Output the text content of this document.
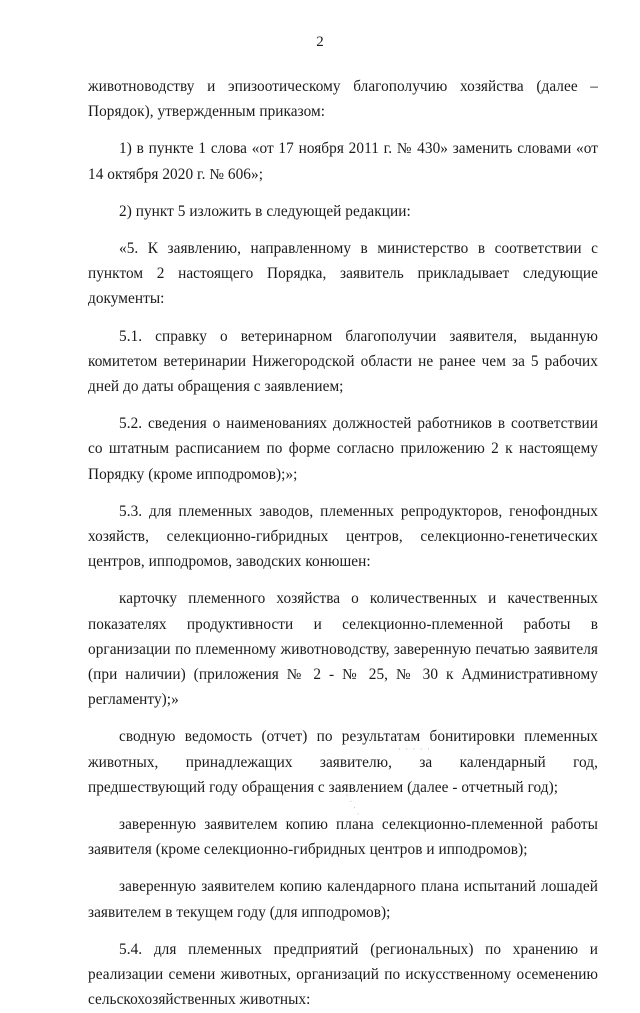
2

животноводству и эпизоотическому благополучию хозяйства (далее – Порядок), утвержденным приказом:

1) в пункте 1 слова «от 17 ноября 2011 г. № 430» заменить словами «от 14 октября 2020 г. № 606»;

2) пункт 5 изложить в следующей редакции:

«5. К заявлению, направленному в министерство в соответствии с пунктом 2 настоящего Порядка, заявитель прикладывает следующие документы:

5.1. справку о ветеринарном благополучии заявителя, выданную комитетом ветеринарии Нижегородской области не ранее чем за 5 рабочих дней до даты обращения с заявлением;

5.2. сведения о наименованиях должностей работников в соответствии со штатным расписанием по форме согласно приложению 2 к настоящему Порядку (кроме ипподромов);»;

5.3. для племенных заводов, племенных репродукторов, генофондных хозяйств, селекционно-гибридных центров, селекционно-генетических центров, ипподромов, заводских конюшен:

карточку племенного хозяйства о количественных и качественных показателях продуктивности и селекционно-племенной работы в организации по племенному животноводству, заверенную печатью заявителя (при наличии) (приложения № 2 - № 25, № 30 к Административному регламенту);»

сводную ведомость (отчет) по результатам бонитировки племенных животных, принадлежащих заявителю, за календарный год, предшествующий году обращения с заявлением (далее - отчетный год);

заверенную заявителем копию плана селекционно-племенной работы заявителя (кроме селекционно-гибридных центров и ипподромов);

заверенную заявителем копию календарного плана испытаний лошадей заявителем в текущем году (для ипподромов);

5.4. для племенных предприятий (региональных) по хранению и реализации семени животных, организаций по искусственному осеменению сельскохозяйственных животных:

· · · · ·
· · · ·
